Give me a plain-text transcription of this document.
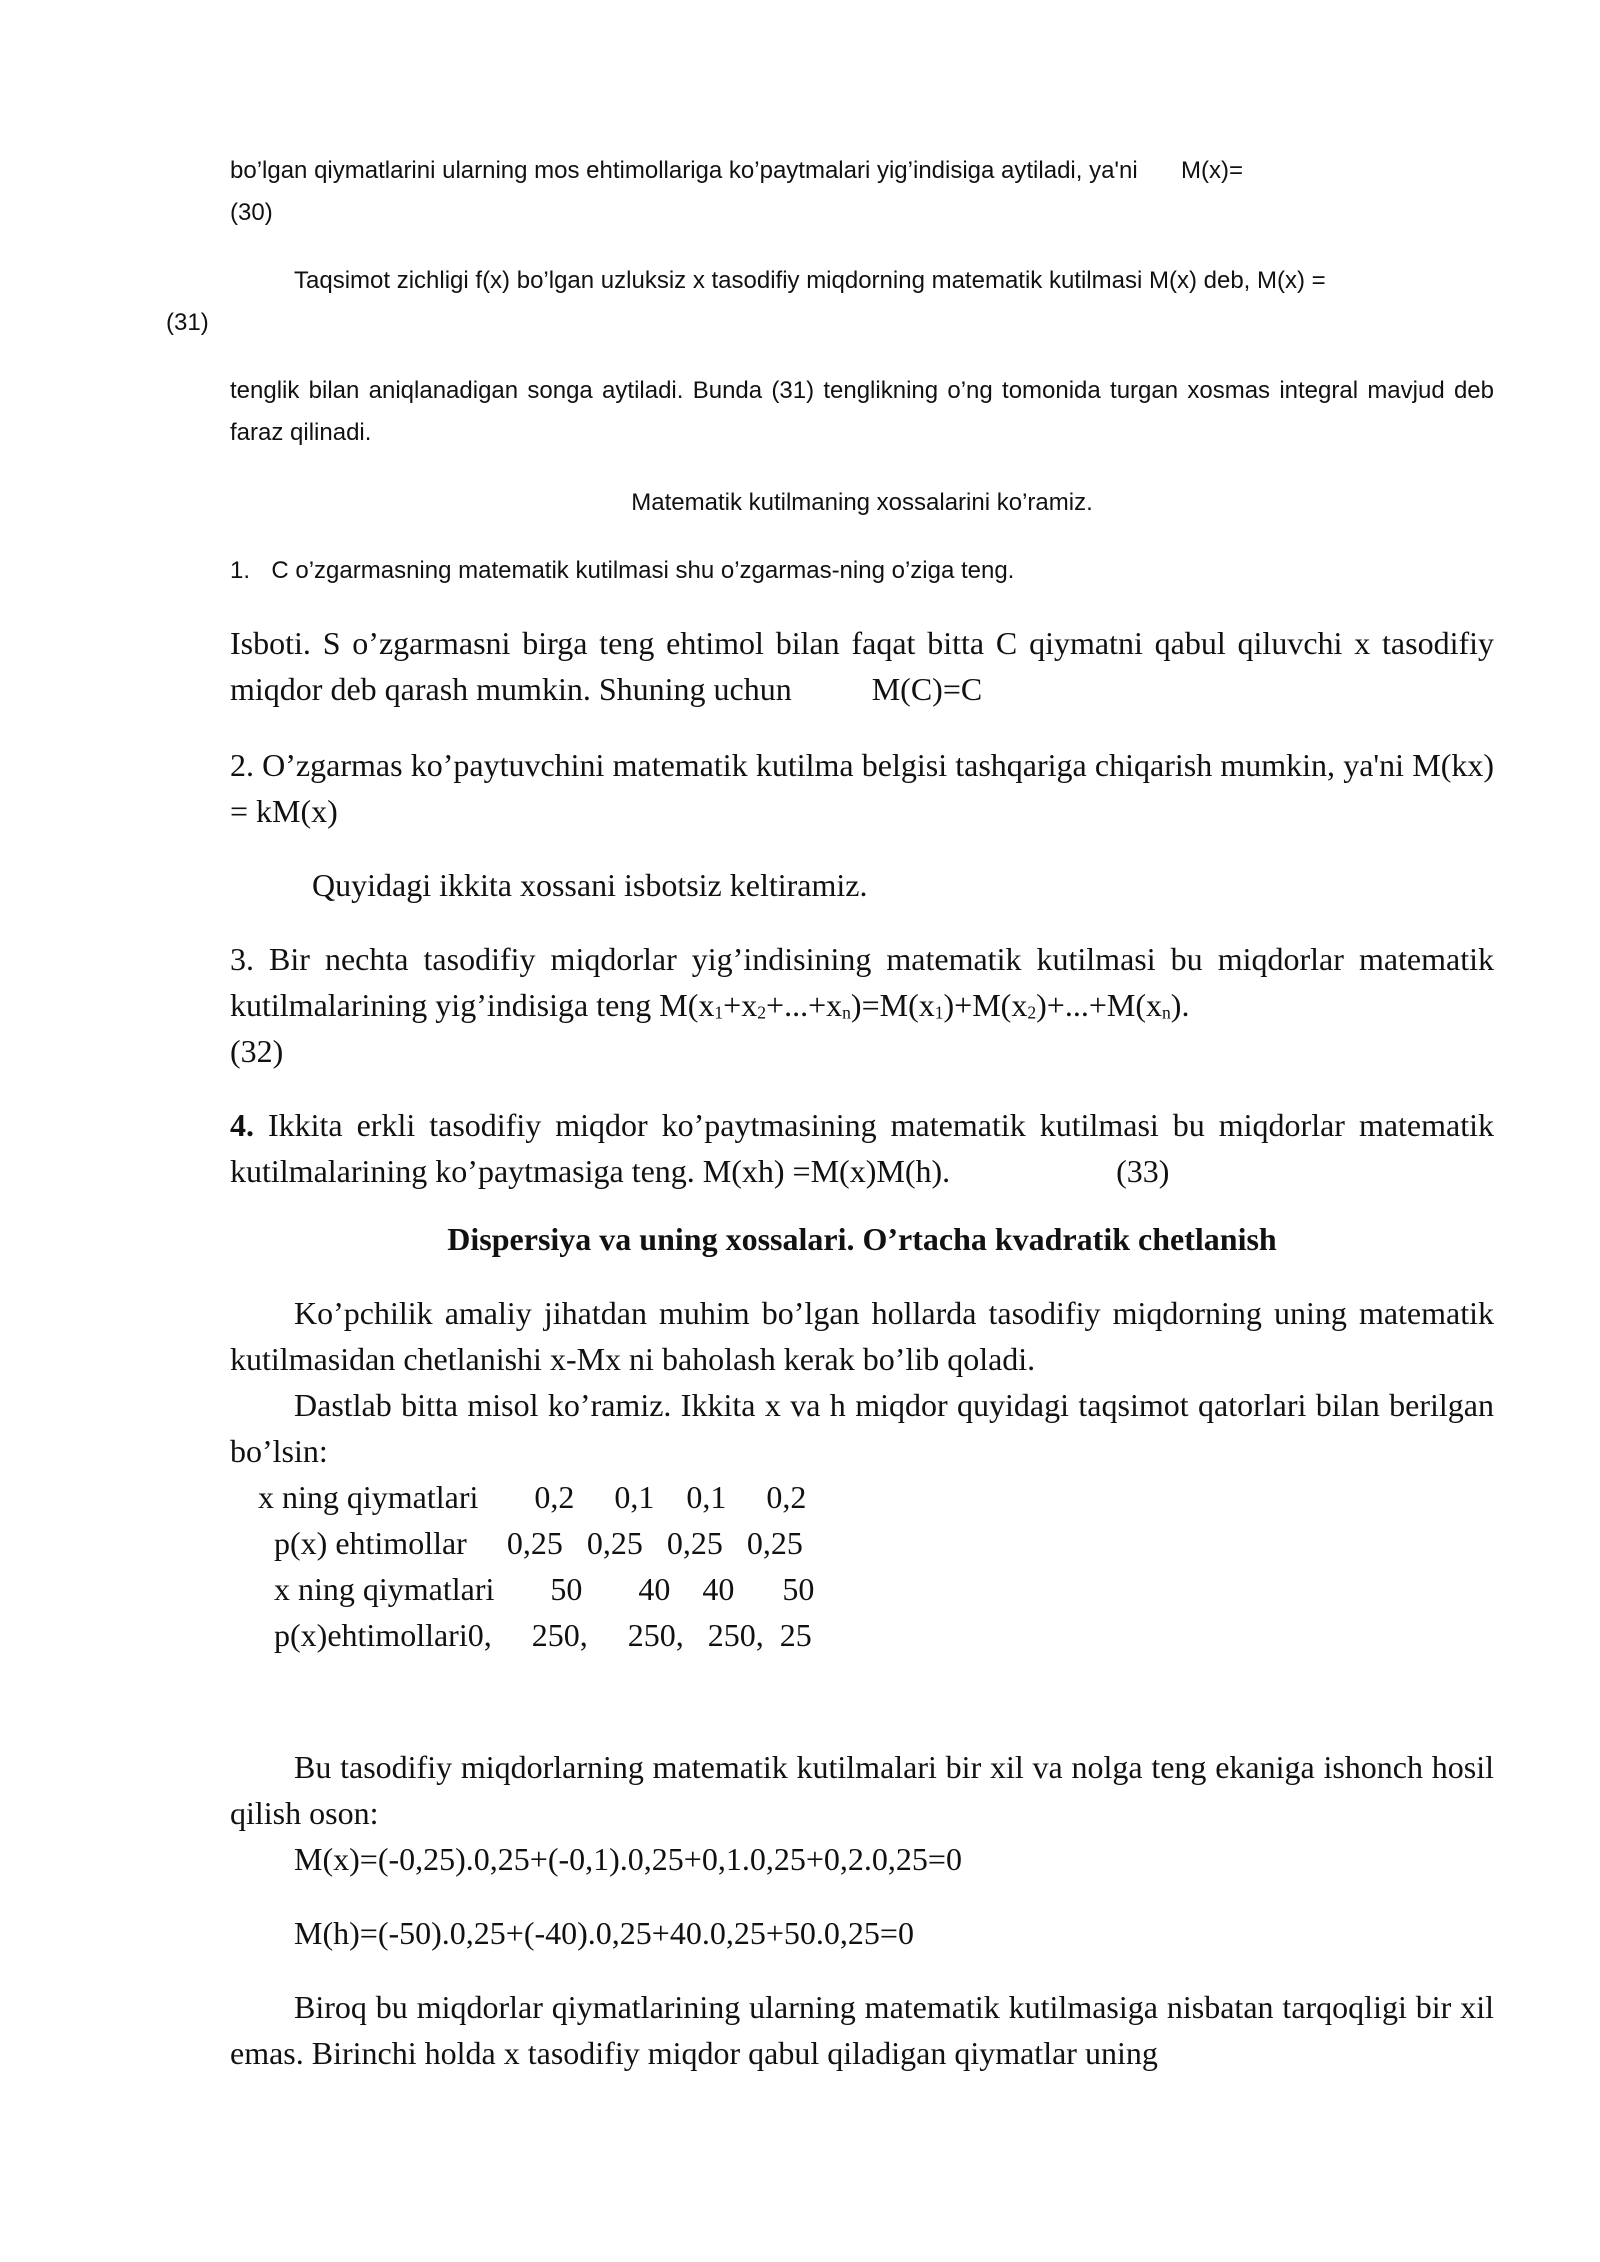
bo’lgan qiymatlarini ularning mos ehtimollariga ko’paytmalari yig’indisiga aytiladi, ya'ni M(x)=
(30)
Taqsimot zichligi f(x) bo’lgan uzluksiz x tasodifiy miqdorning matematik kutilmasi M(x) deb, M(x) =
(31)
tenglik bilan aniqlanadigan songa aytiladi. Bunda (31) tenglikning o’ng tomonida turgan xosmas integral mavjud deb faraz qilinadi.
Matematik kutilmaning xossalarini ko’ramiz.
1. C o’zgarmasning matematik kutilmasi shu o’zgarmas-ning o’ziga teng.
Isboti. S o’zgarmasni birga teng ehtimol bilan faqat bitta C qiymatni qabul qiluvchi x tasodifiy miqdor deb qarash mumkin. Shuning uchun	M(C)=C
2. O’zgarmas ko’paytuvchini matematik kutilma belgisi tashqariga chiqarish mumkin, ya'ni M(kx) = kM(x)
Quyidagi ikkita xossani isbotsiz keltiramiz.
3. Bir nechta tasodifiy miqdorlar yig’indisining matematik kutilmasi bu miqdorlar matematik kutilmalarining yig’indisiga teng $M(x_1+x_2+...+x_n)=M(x_1)+M(x_2)+...+M(x_n)$.
(32)
4. Ikkita erkli tasodifiy miqdor ko’paytmasining matematik kutilmasi bu miqdorlar matematik kutilmalarining ko’paytmasiga teng. M(xh) =M(x)M(h).	(33)
Dispersiya va uning xossalari. O’rtacha kvadratik chetlanish
Ko’pchilik amaliy jihatdan muhim bo’lgan hollarda tasodifiy miqdorning uning matematik kutilmasidan chetlanishi x-Mx ni baholash kerak bo’lib qoladi.
Dastlab bitta misol ko’ramiz. Ikkita x va h miqdor quyidagi taqsimot qatorlari bilan berilgan bo’lsin:
x ning qiymatlari       0,2     0,1    0,1     0,2
p(x) ehtimollar     0,25   0,25   0,25   0,25
x ning qiymatlari       50       40    40      50
p(x)ehtimollari0,     250,     250,   250,  25
Bu tasodifiy miqdorlarning matematik kutilmalari bir xil va nolga teng ekaniga ishonch hosil qilish oson:
M(x)=(-0,25).0,25+(-0,1).0,25+0,1.0,25+0,2.0,25=0
M(h)=(-50).0,25+(-40).0,25+40.0,25+50.0,25=0
Biroq bu miqdorlar qiymatlarining ularning matematik kutilmasiga nisbatan tarqoqligi bir xil emas. Birinchi holda x tasodifiy miqdor qabul qiladigan qiymatlar uning
